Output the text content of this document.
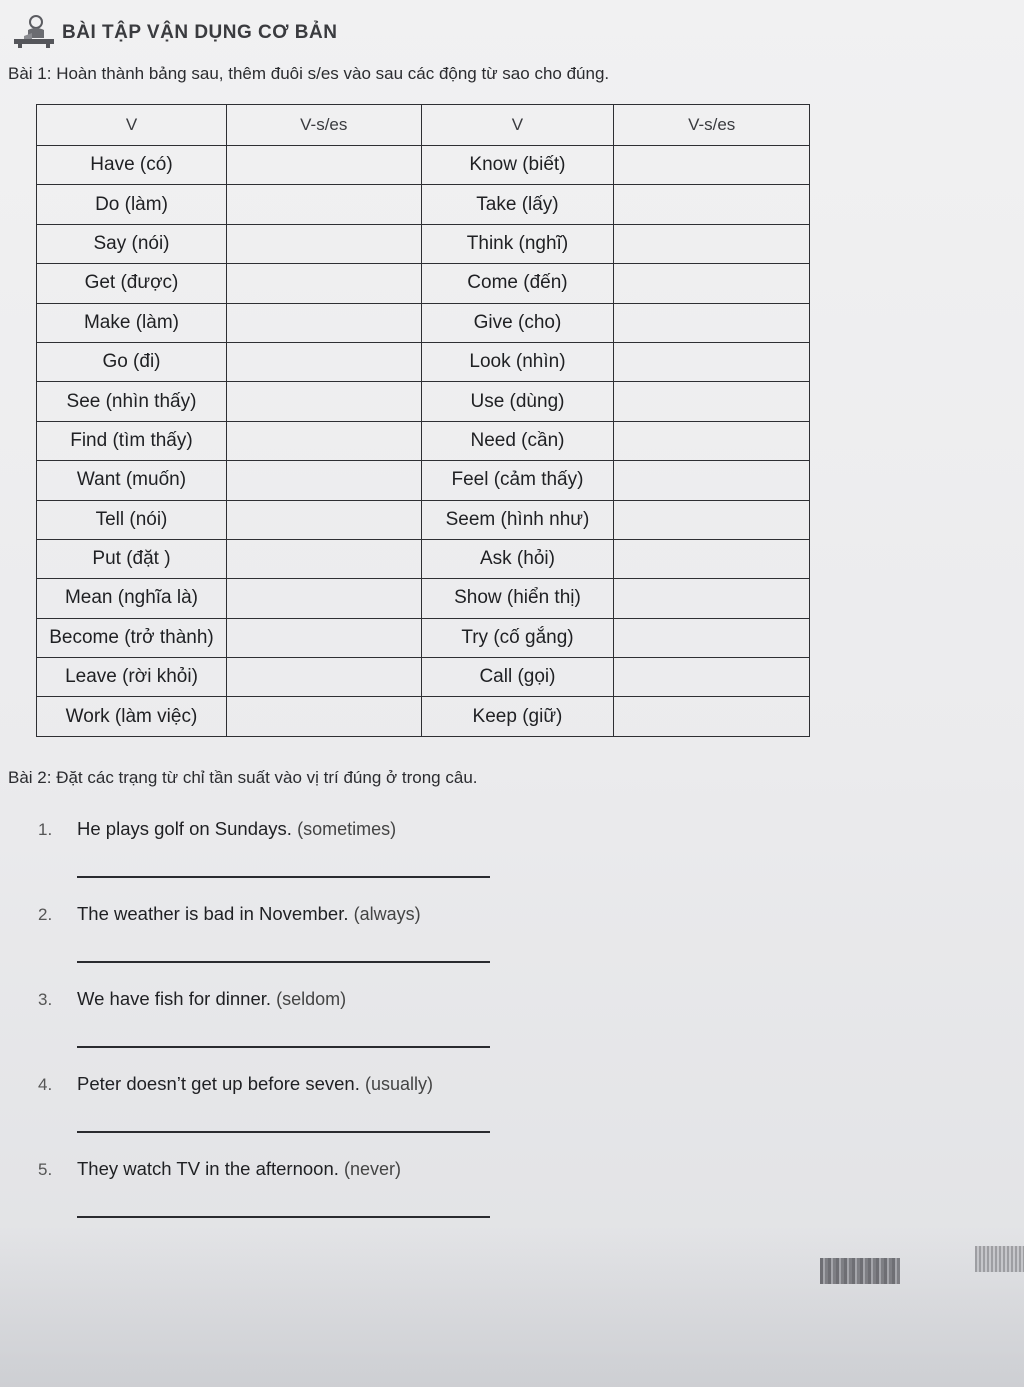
BÀI TẬP VẬN DỤNG CƠ BẢN
Bài 1: Hoàn thành bảng sau, thêm đuôi s/es vào sau các động từ sao cho đúng.
V	V-s/es	V	V-s/es
Have (có)		Know (biết)	
Do (làm)		Take (lấy)	
Say (nói)		Think (nghĩ)	
Get (được)		Come (đến)	
Make (làm)		Give (cho)	
Go (đi)		Look (nhìn)	
See (nhìn thấy)		Use (dùng)	
Find (tìm thấy)		Need (cần)	
Want (muốn)		Feel (cảm thấy)	
Tell (nói)		Seem (hình như)	
Put (đặt )		Ask (hỏi)	
Mean (nghĩa là)		Show (hiển thị)	
Become (trở thành)		Try (cố gắng)	
Leave (rời khỏi)		Call (gọi)	
Work (làm việc)		Keep (giữ)	
Bài 2: Đặt các trạng từ chỉ tần suất vào vị trí đúng ở trong câu.
1. He plays golf on Sundays. (sometimes)
2. The weather is bad in November. (always)
3. We have fish for dinner. (seldom)
4. Peter doesn’t get up before seven. (usually)
5. They watch TV in the afternoon. (never)
